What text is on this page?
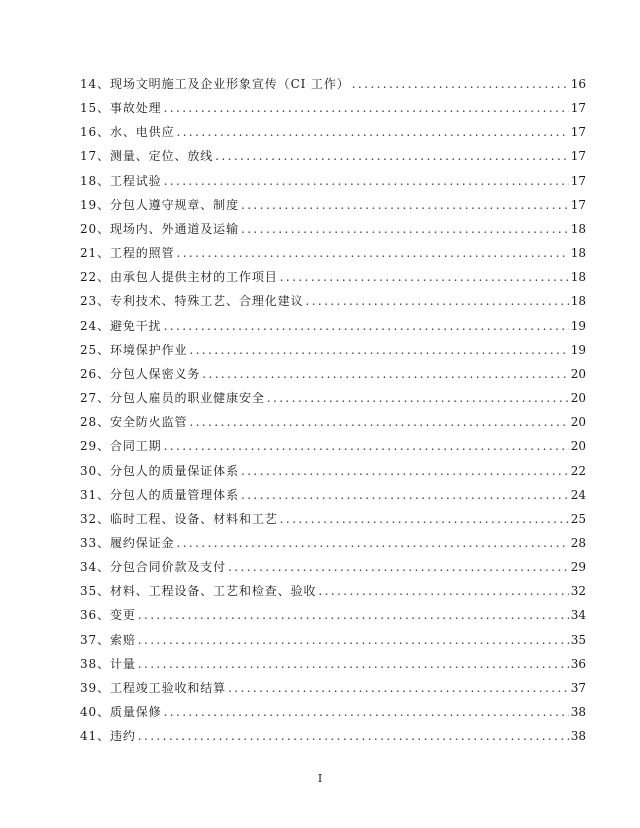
14、现场文明施工及企业形象宣传（CI 工作） .....	16
15、事故处理 .....	17
16、水、电供应 .....	17
17、测量、定位、放线 .....	17
18、工程试验 .....	17
19、分包人遵守规章、制度 .....	17
20、现场内、外通道及运输 .....	18
21、工程的照管 .....	18
22、由承包人提供主材的工作项目 .....	18
23、专利技术、特殊工艺、合理化建议 .....	18
24、避免干扰 .....	19
25、环境保护作业 .....	19
26、分包人保密义务 .....	20
27、分包人雇员的职业健康安全 .....	20
28、安全防火监管 .....	20
29、合同工期 .....	20
30、分包人的质量保证体系 .....	22
31、分包人的质量管理体系 .....	24
32、临时工程、设备、材料和工艺 .....	25
33、履约保证金 .....	28
34、分包合同价款及支付 .....	29
35、材料、工程设备、工艺和检查、验收 .....	32
36、变更 .....	34
37、索赔 .....	35
38、计量 .....	36
39、工程竣工验收和结算 .....	37
40、质量保修 .....	38
41、违约 .....	38
I
